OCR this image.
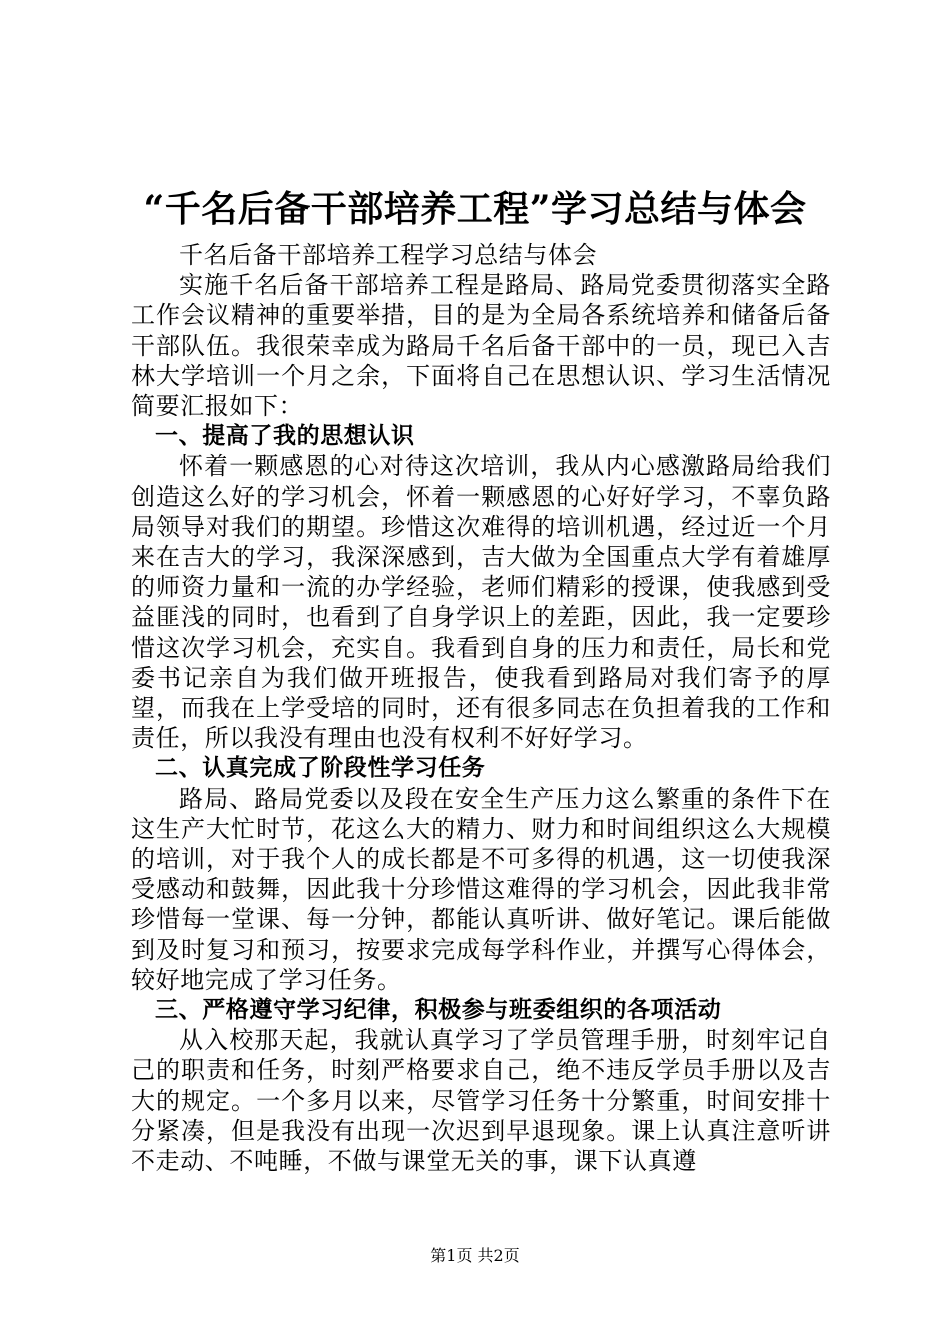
“千名后备干部培养工程”学习总结与体会

千名后备干部培养工程学习总结与体会

实施千名后备干部培养工程是路局、路局党委贯彻落实全路工作会议精神的重要举措，目的是为全局各系统培养和储备后备干部队伍。我很荣幸成为路局千名后备干部中的一员，现已入吉林大学培训一个月之余，下面将自己在思想认识、学习生活情况简要汇报如下：

一、提高了我的思想认识

怀着一颗感恩的心对待这次培训，我从内心感激路局给我们创造这么好的学习机会，怀着一颗感恩的心好好学习，不辜负路局领导对我们的期望。珍惜这次难得的培训机遇，经过近一个月来在吉大的学习，我深深感到，吉大做为全国重点大学有着雄厚的师资力量和一流的办学经验，老师们精彩的授课，使我感到受益匪浅的同时，也看到了自身学识上的差距，因此，我一定要珍惜这次学习机会，充实自。我看到自身的压力和责任，局长和党委书记亲自为我们做开班报告，使我看到路局对我们寄予的厚望，而我在上学受培的同时，还有很多同志在负担着我的工作和责任，所以我没有理由也没有权利不好好学习。

二、认真完成了阶段性学习任务

路局、路局党委以及段在安全生产压力这么繁重的条件下在这生产大忙时节，花这么大的精力、财力和时间组织这么大规模的培训，对于我个人的成长都是不可多得的机遇，这一切使我深受感动和鼓舞，因此我十分珍惜这难得的学习机会，因此我非常珍惜每一堂课、每一分钟，都能认真听讲、做好笔记。课后能做到及时复习和预习，按要求完成每学科作业，并撰写心得体会，较好地完成了学习任务。

三、严格遵守学习纪律，积极参与班委组织的各项活动

从入校那天起，我就认真学习了学员管理手册，时刻牢记自己的职责和任务，时刻严格要求自己，绝不违反学员手册以及吉大的规定。一个多月以来，尽管学习任务十分繁重，时间安排十分紧凑，但是我没有出现一次迟到早退现象。课上认真注意听讲不走动、不吨睡，不做与课堂无关的事，课下认真遵

第1页 共2页
